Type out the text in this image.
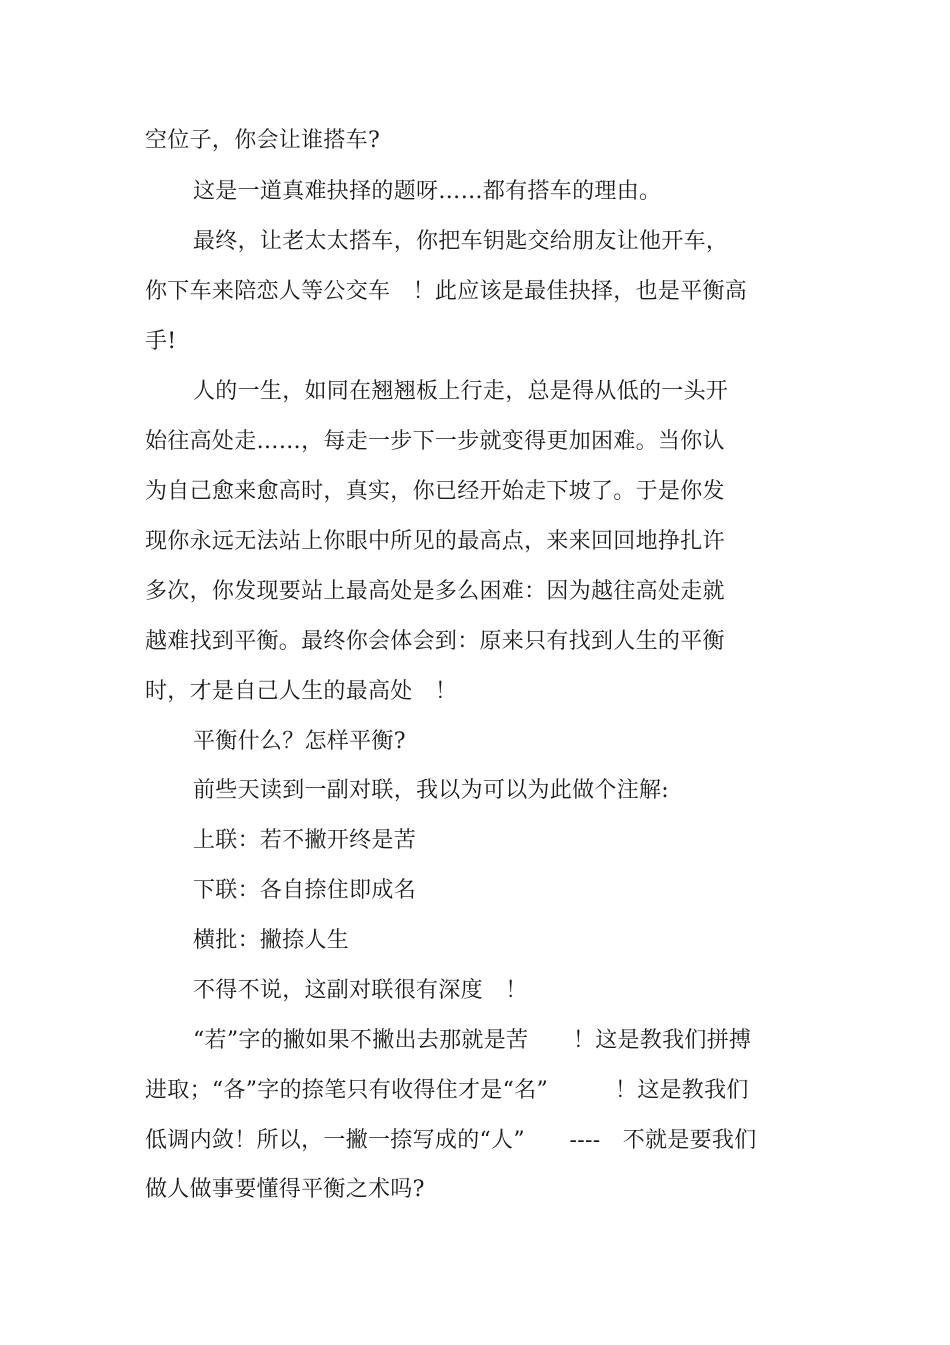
空位子，你会让谁搭车?
这是一道真难抉择的题呀……都有搭车的理由。
最终，让老太太搭车，你把车钥匙交给朋友让他开车，
你下车来陪恋人等公交车　！此应该是最佳抉择，也是平衡高
手!
人的一生，如同在翘翘板上行走，总是得从低的一头开
始往高处走……，每走一步下一步就变得更加困难。当你认
为自己愈来愈高时，真实，你已经开始走下坡了。于是你发
现你永远无法站上你眼中所见的最高点，来来回回地挣扎许
多次，你发现要站上最高处是多么困难：因为越往高处走就
越难找到平衡。最终你会体会到：原来只有找到人生的平衡
时，才是自己人生的最高处　！
平衡什么？怎样平衡?
前些天读到一副对联，我以为可以为此做个注解:
上联：若不撇开终是苦
下联：各自捺住即成名
横批：撇捺人生
不得不说，这副对联很有深度　！
“若”字的撇如果不撇出去那就是苦　　！这是教我们拼搏
进取；“各”字的捺笔只有收得住才是“名”　　　！这是教我们
低调内敛！所以，一撇一捺写成的“人”　　----　不就是要我们
做人做事要懂得平衡之术吗?
